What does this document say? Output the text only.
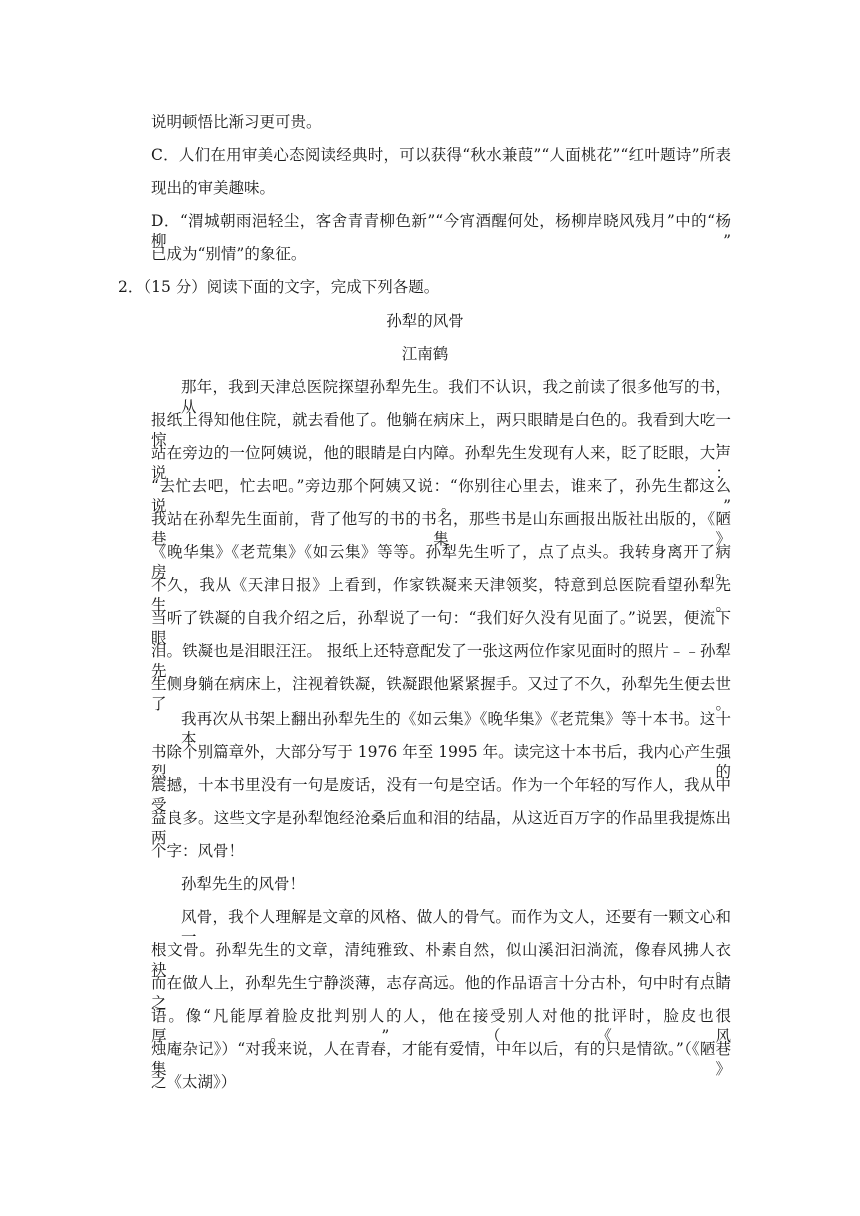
说明顿悟比渐习更可贵。
C．人们在用审美心态阅读经典时，可以获得“秋水兼葭”“人面桃花”“红叶题诗”所表
现出的审美趣味。
D．“渭城朝雨浥轻尘，客舍青青柳色新”“今宵酒醒何处，杨柳岸晓风残月”中的“杨柳”
已成为“别情”的象征。
2．（15 分）阅读下面的文字，完成下列各题。
孙犁的风骨
江南鹤
那年，我到天津总医院探望孙犁先生。我们不认识，我之前读了很多他写的书，从
报纸上得知他住院，就去看他了。他躺在病床上，两只眼睛是白色的。我看到大吃一惊，
站在旁边的一位阿姨说，他的眼睛是白内障。孙犁先生发现有人来，眨了眨眼，大声说：
“去忙去吧，忙去吧。”旁边那个阿姨又说：“你别往心里去，谁来了，孙先生都这么说。”
我站在孙犁先生面前，背了他写的书的书名，那些书是山东画报出版社出版的，《陋巷集》
《晚华集》《老荒集》《如云集》等等。孙犁先生听了，点了点头。我转身离开了病房。
不久，我从《天津日报》上看到，作家铁凝来天津领奖，特意到总医院看望孙犁先生。
当听了铁凝的自我介绍之后，孙犁说了一句：“我们好久没有见面了。”说罢，便流下眼
泪。铁凝也是泪眼汪汪。 报纸上还特意配发了一张这两位作家见面时的照片﹣﹣孙犁先
生侧身躺在病床上，注视着铁凝，铁凝跟他紧紧握手。又过了不久，孙犁先生便去世了。
我再次从书架上翻出孙犁先生的《如云集》《晚华集》《老荒集》等十本书。这十本
书除个别篇章外，大部分写于 1976 年至 1995 年。读完这十本书后，我内心产生强烈的
震撼，十本书里没有一句是废话，没有一句是空话。作为一个年轻的写作人，我从中受
益良多。这些文字是孙犁饱经沧桑后血和泪的结晶，从这近百万字的作品里我提炼出两
个字：风骨！
孙犁先生的风骨！
风骨，我个人理解是文章的风格、做人的骨气。而作为文人，还要有一颗文心和一
根文骨。孙犁先生的文章，清纯雅致、朴素自然，似山溪汩汩淌流，像春风拂人衣袂。
而在做人上，孙犁先生宁静淡薄，志存高远。他的作品语言十分古朴，句中时有点睛之
语。像“凡能厚着脸皮批判别人的人，他在接受别人对他的批评时，脸皮也很厚。”（《风
烛庵杂记》）“对我来说，人在青春，才能有爱情，中年以后，有的只是情欲。”（《陋巷集》
之《太湖》）
